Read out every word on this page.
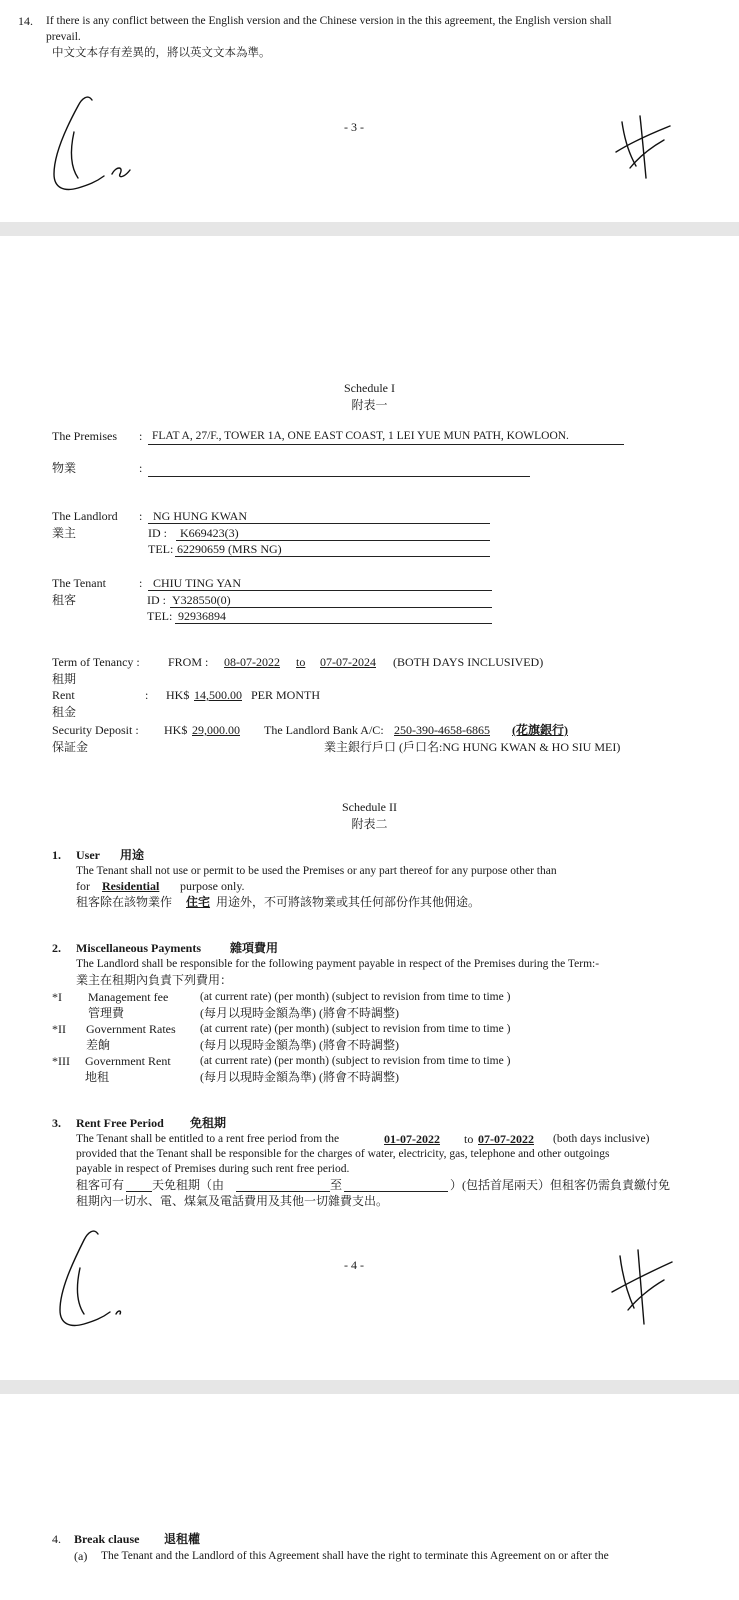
14. If there is any conflict between the English version and the Chinese version in the this agreement, the English version shall
prevail.
中文文本存有差異的，將以英文文本為準。
- 3 -
Schedule I
附表一
The Premises : FLAT A, 27/F., TOWER 1A, ONE EAST COAST, 1 LEI YUE MUN PATH, KOWLOON.
物業	:
The Landlord :
業主
NG HUNG KWAN
ID : K669423(3)
TEL: 62290659 (MRS NG)
The Tenant	:
租客
CHIU TING YAN
ID : Y328550(0)
TEL: 92936894
Term of Tenancy :
租期
FROM : 08-07-2022 to 07-07-2024 (BOTH DAYS INCLUSIVED)
Rent
租金
: HK$ 14,500.00 PER MONTH
Security Deposit :
保証金
HK$ 29,000.00 The Landlord Bank A/C: 250-390-4658-6865 (花旗銀行)
業主銀行戶口 (戶口名:NG HUNG KWAN & HO SIU MEI)
Schedule II
附表二
1. User 用途
The Tenant shall not use or permit to be used the Premises or any part thereof for any purpose other than
for Residential purpose only.
租客除在該物業作 住宅 用途外，不可將該物業或其任何部份作其他佣途。
2. Miscellaneous Payments 雜項費用
The Landlord shall be responsible for the following payment payable in respect of the Premises during the Term:-
業主在租期內負責下列費用：
*I Management fee
管理費
(at current rate) (per month) (subject to revision from time to time )
(每月以現時金額為準) (將會不時調整)
*II Government Rates
差餉
(at current rate) (per month) (subject to revision from time to time )
(每月以現時金額為準) (將會不時調整)
*III Government Rent
地租
(at current rate) (per month) (subject to revision from time to time )
(每月以現時金額為準) (將會不時調整)
3. Rent Free Period 免租期
The Tenant shall be entitled to a rent free period from the	01-07-2022 to 07-07-2022 (both days inclusive)
provided that the Tenant shall be responsible for the charges of water, electricity, gas, telephone and other outgoings
payable in respect of Premises during such rent free period.
租客可有 天免租期（由	至	）(包括首尾兩天）但租客仍需負責繳付免
租期內一切水、電、煤氣及電話費用及其他一切雜費支出。
- 4 -
4. Break clause 退租權
(a) The Tenant and the Landlord of this Agreement shall have the right to terminate this Agreement on or after the
